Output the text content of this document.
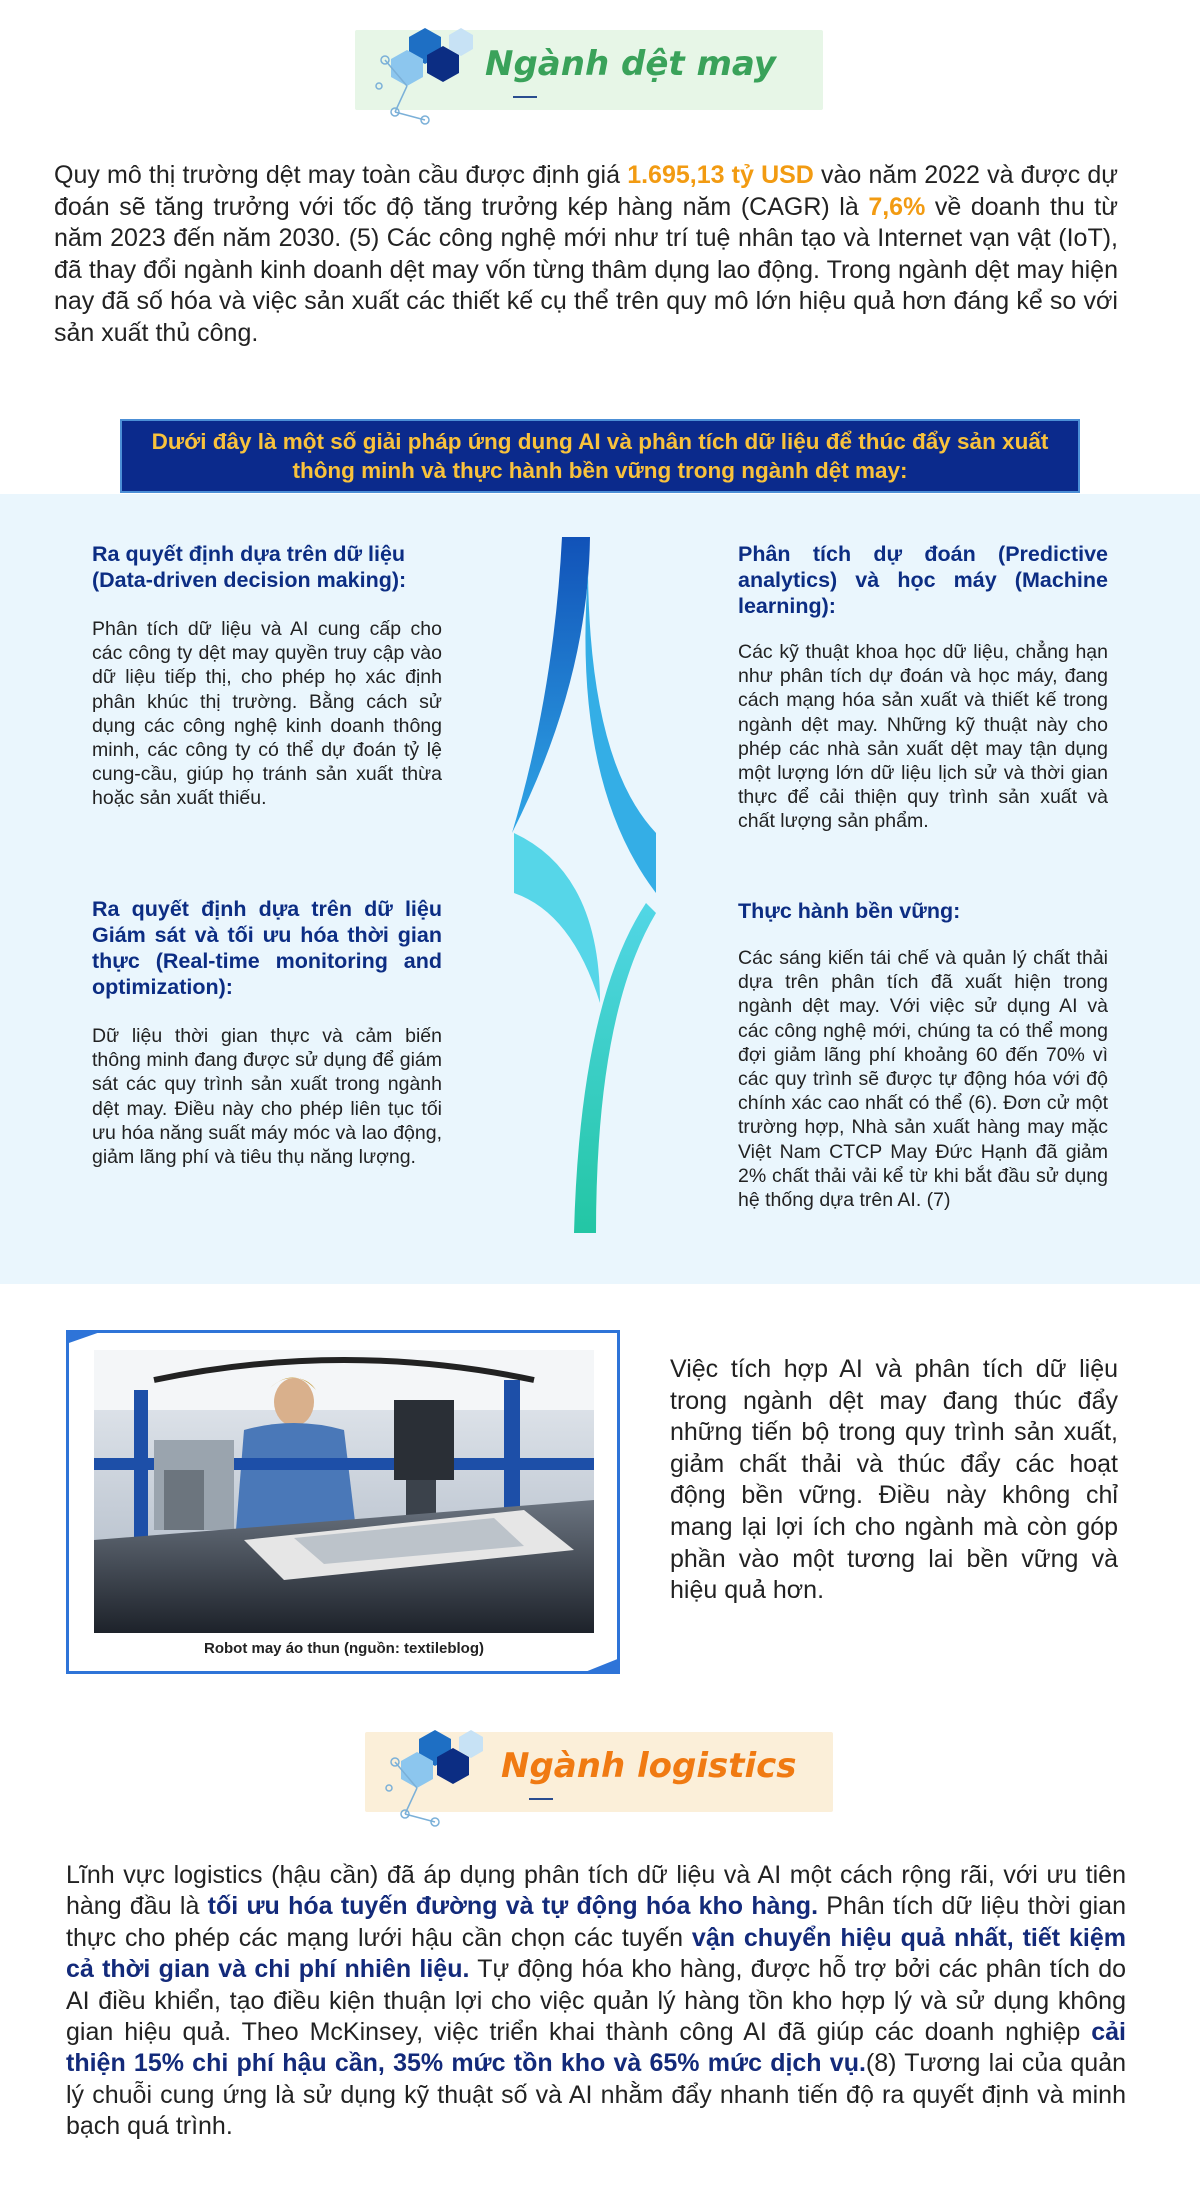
Ngành dệt may
Quy mô thị trường dệt may toàn cầu được định giá 1.695,13 tỷ USD vào năm 2022 và được dự đoán sẽ tăng trưởng với tốc độ tăng trưởng kép hàng năm (CAGR) là 7,6% về doanh thu từ năm 2023 đến năm 2030. (5) Các công nghệ mới như trí tuệ nhân tạo và Internet vạn vật (IoT), đã thay đổi ngành kinh doanh dệt may vốn từng thâm dụng lao động. Trong ngành dệt may hiện nay đã số hóa và việc sản xuất các thiết kế cụ thể trên quy mô lớn hiệu quả hơn đáng kể so với sản xuất thủ công.
Dưới đây là một số giải pháp ứng dụng AI và phân tích dữ liệu để thúc đẩy sản xuất thông minh và thực hành bền vững trong ngành dệt may:
Ra quyết định dựa trên dữ liệu (Data-driven decision making):
Phân tích dữ liệu và AI cung cấp cho các công ty dệt may quyền truy cập vào dữ liệu tiếp thị, cho phép họ xác định phân khúc thị trường. Bằng cách sử dụng các công nghệ kinh doanh thông minh, các công ty có thể dự đoán tỷ lệ cung-cầu, giúp họ tránh sản xuất thừa hoặc sản xuất thiếu.
Ra quyết định dựa trên dữ liệu Giám sát và tối ưu hóa thời gian thực (Real-time monitoring and optimization):
Dữ liệu thời gian thực và cảm biến thông minh đang được sử dụng để giám sát các quy trình sản xuất trong ngành dệt may. Điều này cho phép liên tục tối ưu hóa năng suất máy móc và lao động, giảm lãng phí và tiêu thụ năng lượng.
Phân tích dự đoán (Predictive analytics) và học máy (Machine learning):
Các kỹ thuật khoa học dữ liệu, chẳng hạn như phân tích dự đoán và học máy, đang cách mạng hóa sản xuất và thiết kế trong ngành dệt may. Những kỹ thuật này cho phép các nhà sản xuất dệt may tận dụng một lượng lớn dữ liệu lịch sử và thời gian thực để cải thiện quy trình sản xuất và chất lượng sản phẩm.
Thực hành bền vững:
Các sáng kiến tái chế và quản lý chất thải dựa trên phân tích đã xuất hiện trong ngành dệt may. Với việc sử dụng AI và các công nghệ mới, chúng ta có thể mong đợi giảm lãng phí khoảng 60 đến 70% vì các quy trình sẽ được tự động hóa với độ chính xác cao nhất có thể (6). Đơn cử một trường hợp, Nhà sản xuất hàng may mặc Việt Nam CTCP May Đức Hạnh đã giảm 2% chất thải vải kể từ khi bắt đầu sử dụng hệ thống dựa trên AI. (7)
Robot may áo thun (nguồn: textileblog)
Việc tích hợp AI và phân tích dữ liệu trong ngành dệt may đang thúc đẩy những tiến bộ trong quy trình sản xuất, giảm chất thải và thúc đẩy các hoạt động bền vững. Điều này không chỉ mang lại lợi ích cho ngành mà còn góp phần vào một tương lai bền vững và hiệu quả hơn.
Ngành logistics
Lĩnh vực logistics (hậu cần) đã áp dụng phân tích dữ liệu và AI một cách rộng rãi, với ưu tiên hàng đầu là tối ưu hóa tuyến đường và tự động hóa kho hàng. Phân tích dữ liệu thời gian thực cho phép các mạng lưới hậu cần chọn các tuyến vận chuyển hiệu quả nhất, tiết kiệm cả thời gian và chi phí nhiên liệu. Tự động hóa kho hàng, được hỗ trợ bởi các phân tích do AI điều khiển, tạo điều kiện thuận lợi cho việc quản lý hàng tồn kho hợp lý và sử dụng không gian hiệu quả. Theo McKinsey, việc triển khai thành công AI đã giúp các doanh nghiệp cải thiện 15% chi phí hậu cần, 35% mức tồn kho và 65% mức dịch vụ.(8) Tương lai của quản lý chuỗi cung ứng là sử dụng kỹ thuật số và AI nhằm đẩy nhanh tiến độ ra quyết định và minh bạch quá trình.
